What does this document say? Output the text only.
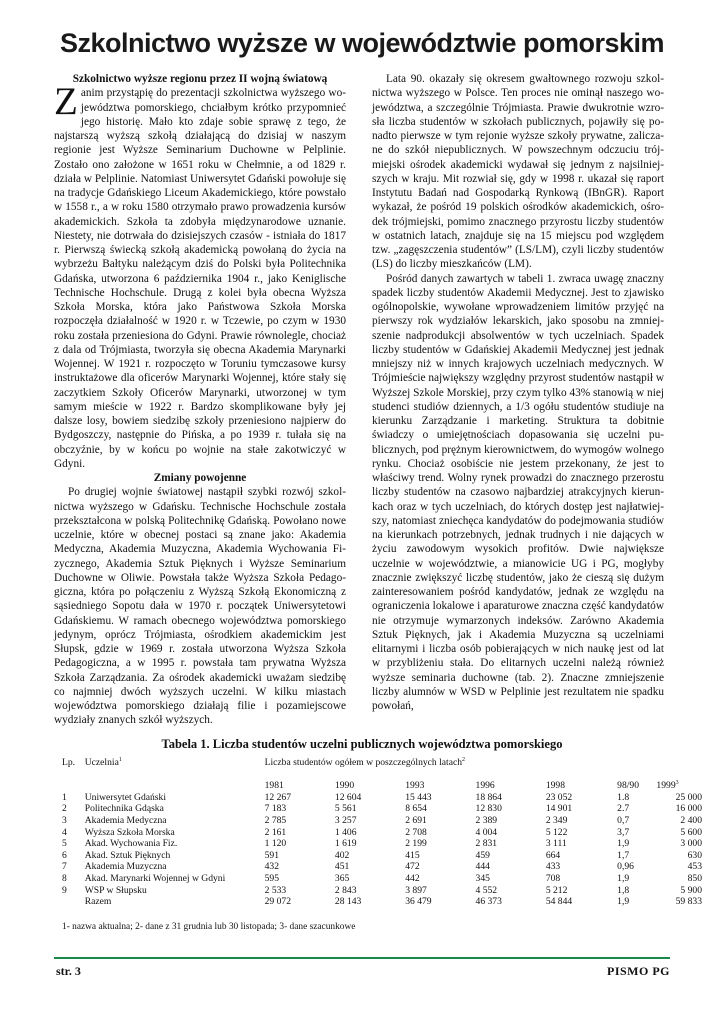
Szkolnictwo wyższe w województwie pomorskim
Szkolnictwo wyższe regionu przez II wojną światową

Zanim przystąpię do prezentacji szkolnictwa wyższego województwa pomorskiego, chciałbym krótko przypomnieć jego historię. Mało kto zdaje sobie sprawę z tego, że najstarszą wyższą szkołą działającą do dzisiaj w naszym regionie jest Wyższe Seminarium Duchowne w Pelplinie. Zostało ono założone w 1651 roku w Chełmnie, a od 1829 r. działa w Pelplinie. Natomiast Uniwersytet Gdański powołuje się na tradycje Gdańskiego Liceum Akademickiego, które powstało w 1558 r., a w roku 1580 otrzymało prawo prowadzenia kursów akademickich. Szkoła ta zdobyła międzynarodowe uznanie. Niestety, nie dotrwała do dzisiejszych czasów - istniała do 1817 r. Pierwszą świecką szkołą akademicką powołaną do życia na wybrzeżu Bałtyku należącym dziś do Polski była Politechnika Gdańska, utworzona 6 października 1904 r., jako Keniglische Technische Hochschule. Drugą z kolei była obecna Wyższa Szkoła Morska, która jako Państwowa Szkoła Morska rozpoczęła działalność w 1920 r. w Tczewie, po czym w 1930 roku została przeniesiona do Gdyni. Prawie równolegle, chociaż z dala od Trójmiasta, tworzyła się obecna Akademia Marynarki Wojennej. W 1921 r. rozpoczęto w Toruniu tymczasowe kursy instruktażowe dla oficerów Marynarki Wojennej, które stały się zaczytkiem Szkoły Oficerów Marynarki, utworzonej w tym samym mieście w 1922 r. Bardzo skomplikowane były jej dalsze losy, bowiem siedzibę szkoły przeniesiono najpierw do Bydgoszczy, następnie do Pińska, a po 1939 r. tułała się na obczyźnie, by w końcu po wojnie na stałe zakotwiczyć w Gdyni.

Zmiany powojenne

Po drugiej wojnie światowej nastąpił szybki rozwój szkolnictwa wyższego w Gdańsku. Technische Hochschule została przekształcona w polską Politechnikę Gdańską. Powołano nowe uczelnie, które w obecnej postaci są znane jako: Akademia Medyczna, Akademia Muzyczna, Akademia Wychowania Fizycznego, Akademia Sztuk Pięknych i Wyższe Seminarium Duchowne w Oliwie. Powstała także Wyższa Szkoła Pedagogiczna, która po połączeniu z Wyższą Szkołą Ekonomiczną z sąsiedniego Sopotu dała w 1970 r. początek Uniwersytetowi Gdańskiemu. W ramach obecnego województwa pomorskiego jedynym, oprócz Trójmiasta, ośrodkiem akademickim jest Słupsk, gdzie w 1969 r. została utworzona Wyższa Szkoła Pedagogiczna, a w 1995 r. powstała tam prywatna Wyższa Szkoła Zarządzania. Za ośrodek akademicki uważam siedzibę co najmniej dwóch wyższych uczelni. W kilku miastach województwa pomorskiego działają filie i pozamiejscowe wydziały znanych szkół wyższych.

Lata 90. okazały się okresem gwałtownego rozwoju szkolnictwa wyższego w Polsce. Ten proces nie ominął naszego województwa, a szczególnie Trójmiasta. Prawie dwukrotnie wzrosła liczba studentów w szkołach publicznych, pojawiły się ponadto pierwsze w tym rejonie wyższe szkoły prywatne, zaliczane do szkół niepublicznych. W powszechnym odczuciu trójmiejski ośrodek akademicki wydawał się jednym z najsilniejszych w kraju. Mit rozwiał się, gdy w 1998 r. ukazał się raport Instytutu Badań nad Gospodarką Rynkową (IBnGR). Raport wykazał, że pośród 19 polskich ośrodków akademickich, ośrodek trójmiejski, pomimo znacznego przyrostu liczby studentów w ostatnich latach, znajduje się na 15 miejscu pod względem tzw. „zagęszczenia studentów” (LS/LM), czyli liczby studentów (LS) do liczby mieszkańców (LM).

Pośród danych zawartych w tabeli 1. zwraca uwagę znaczny spadek liczby studentów Akademii Medycznej. Jest to zjawisko ogólnopolskie, wywołane wprowadzeniem limitów przyjęć na pierwszy rok wydziałów lekarskich, jako sposobu na zmniejszenie nadprodukcji absolwentów w tych uczelniach. Spadek liczby studentów w Gdańskiej Akademii Medycznej jest jednak mniejszy niż w innych krajowych uczelniach medycznych. W Trójmieście największy względny przyrost studentów nastąpił w Wyższej Szkole Morskiej, przy czym tylko 43% stanowią w niej studenci studiów dziennych, a 1/3 ogółu studentów studiuje na kierunku Zarządzanie i marketing. Struktura ta dobitnie świadczy o umiejętnościach dopasowania się uczelni publicznych, pod prężnym kierownictwem, do wymogów wolnego rynku. Chociaż osobiście nie jestem przekonany, że jest to właściwy trend. Wolny rynek prowadzi do znacznego przerostu liczby studentów na czasowo najbardziej atrakcyjnych kierunkach oraz w tych uczelniach, do których dostęp jest najłatwiejszy, natomiast zniechęca kandydatów do podejmowania studiów na kierunkach potrzebnych, jednak trudnych i nie dających w życiu zawodowym wysokich profitów. Dwie największe uczelnie w województwie, a mianowicie UG i PG, mogłyby znacznie zwiększyć liczbę studentów, jako że cieszą się dużym zainteresowaniem pośród kandydatów, jednak ze względu na ograniczenia lokalowe i aparaturowe znaczna część kandydatów nie otrzymuje wymarzonych indeksów. Zarówno Akademia Sztuk Pięknych, jak i Akademia Muzyczna są uczelniami elitarnymi i liczba osób pobierających w nich naukę jest od lat w przybliżeniu stała. Do elitarnych uczelni należą również wyższe seminaria duchowne (tab. 2). Znaczne zmniejszenie liczby alumnów w WSD w Pelplinie jest rezultatem nie spadku powołań,

Tabela 1. Liczba studentów uczelni publicznych województwa pomorskiego

Lp.	Uczelnia$^1$	Liczba studentów ogółem w poszczególnych latach$^2$

		1981	1990	1993	1996	1998	98/90	1999$^3$
1	Uniwersytet Gdański	12 267	12 604	15 443	18 864	23 052	1.8	25 000
2	Politechnika Gdąska	7 183	5 561	8 654	12 830	14 901	2.7	16 000
3	Akademia Medyczna	2 785	3 257	2 691	2 389	2 349	0,7	2 400
4	Wyższa Szkoła Morska	2 161	1 406	2 708	4 004	5 122	3,7	5 600
5	Akad. Wychowania Fiz.	1 120	1 619	2 199	2 831	3 111	1,9	3 000
6	Akad. Sztuk Pięknych	591	402	415	459	664	1,7	630
7	Akademia Muzyczna	432	451	472	444	433	0,96	453
8	Akad. Marynarki Wojennej w Gdyni	595	365	442	345	708	1,9	850
9	WSP w Słupsku	2 533	2 843	3 897	4 552	5 212	1,8	5 900
	Razem	29 072	28 143	36 479	46 373	54 844	1,9	59 833

1- nazwa aktualna; 2- dane z 31 grudnia lub 30 listopada; 3- dane szacunkowe

str. 3	PISMO PG
